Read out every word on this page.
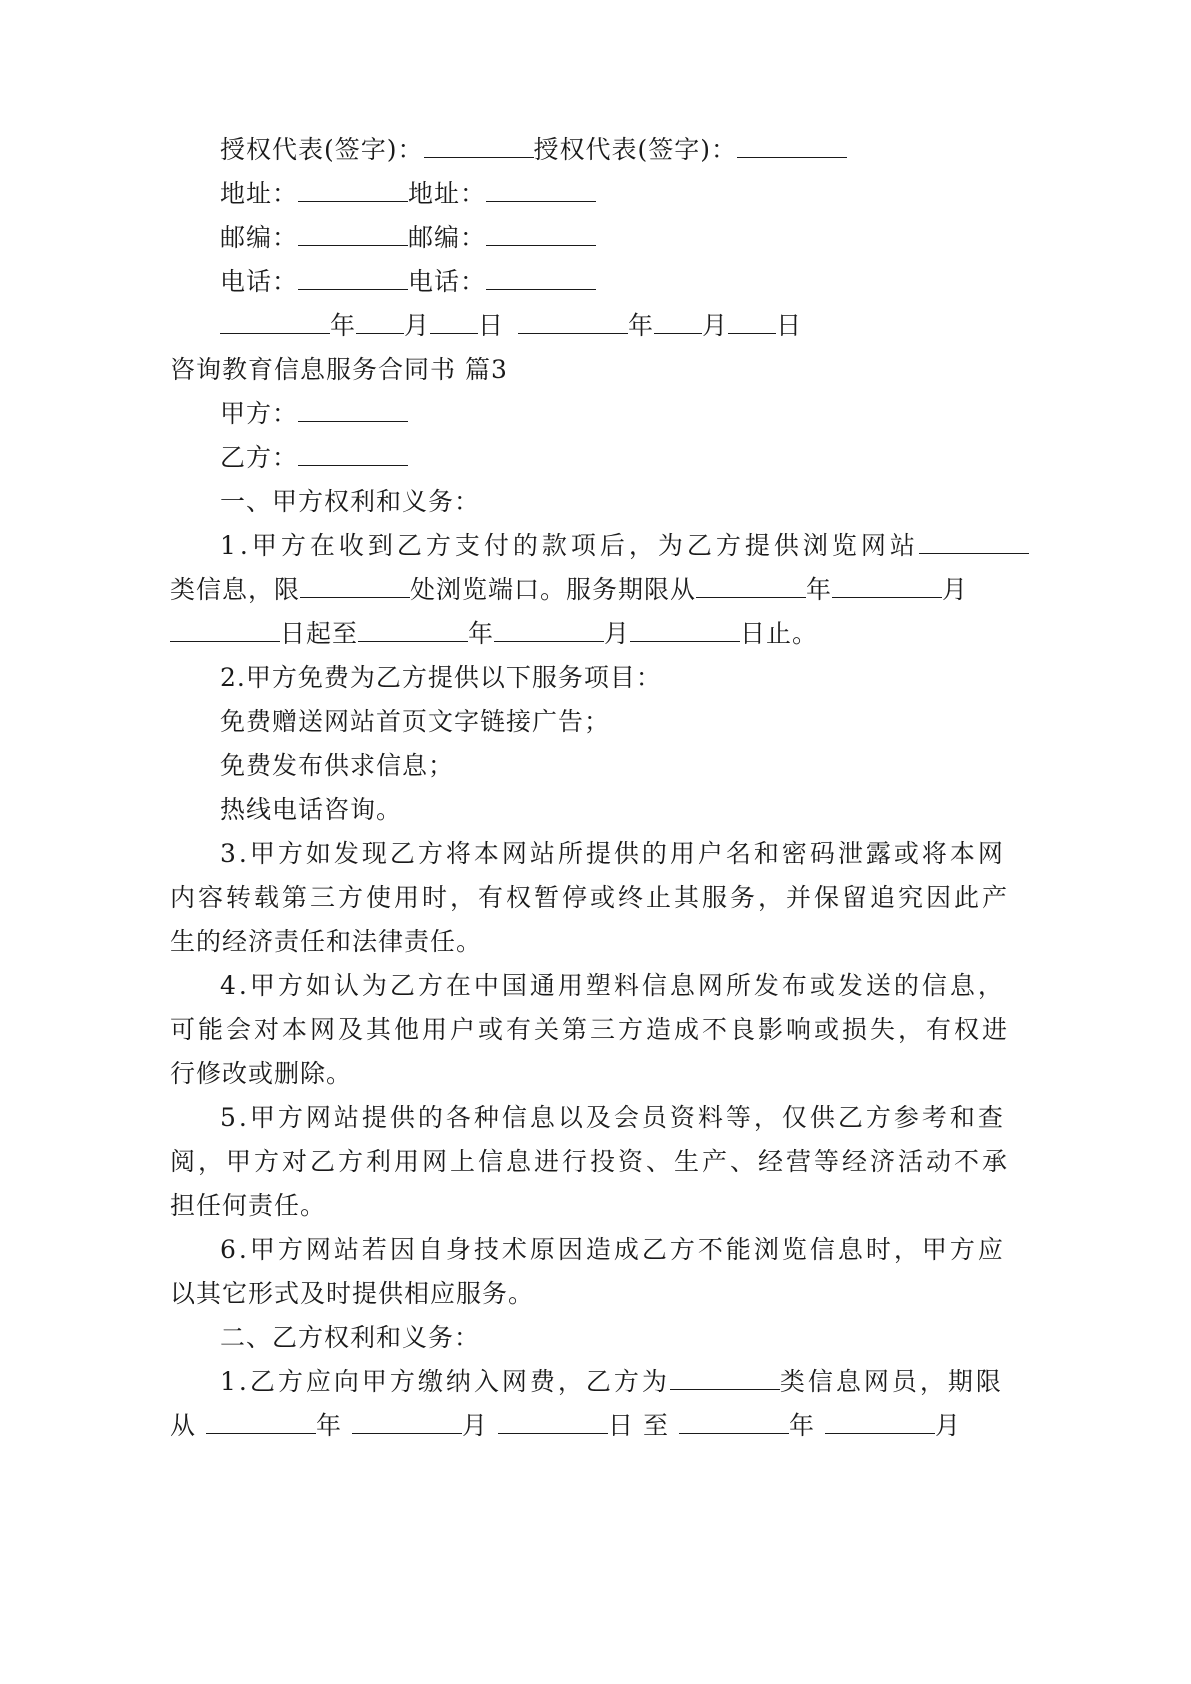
授权代表(签字)：	授权代表(签字)：
地址：	地址：
邮编：	邮编：
电话：	电话：
年 月 日	年 月 日
咨询教育信息服务合同书 篇3
甲方：
乙方：
一、甲方权利和义务：
1.甲方在收到乙方支付的款项后，为乙方提供浏览网站
类信息，限	处浏览端口。服务期限从	年	月
日起至	年	月	日止。
2.甲方免费为乙方提供以下服务项目：
免费赠送网站首页文字链接广告；
免费发布供求信息；
热线电话咨询。
3.甲方如发现乙方将本网站所提供的用户名和密码泄露或将本网
内容转载第三方使用时，有权暂停或终止其服务，并保留追究因此产
生的经济责任和法律责任。
4.甲方如认为乙方在中国通用塑料信息网所发布或发送的信息，
可能会对本网及其他用户或有关第三方造成不良影响或损失，有权进
行修改或删除。
5.甲方网站提供的各种信息以及会员资料等，仅供乙方参考和查
阅，甲方对乙方利用网上信息进行投资、生产、经营等经济活动不承
担任何责任。
6.甲方网站若因自身技术原因造成乙方不能浏览信息时，甲方应
以其它形式及时提供相应服务。
二、乙方权利和义务：
1.乙方应向甲方缴纳入网费，乙方为	类信息网员，期限
从	年	月	日 至	年	月
